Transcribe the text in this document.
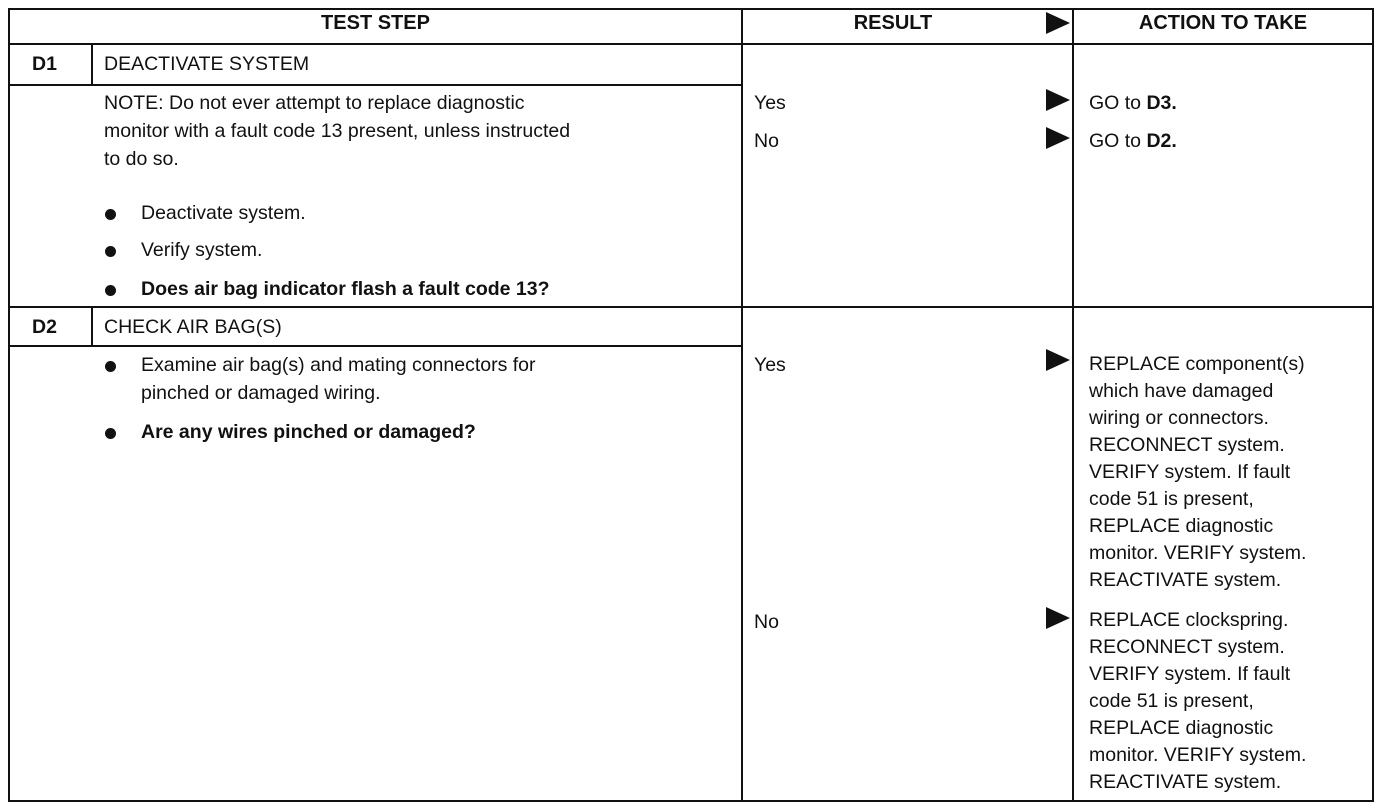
TEST STEP	RESULT	ACTION TO TAKE
D1 DEACTIVATE SYSTEM
NOTE: Do not ever attempt to replace diagnostic
monitor with a fault code 13 present, unless instructed
to do so.
Deactivate system.
Verify system.
Does air bag indicator flash a fault code 13?
Yes
No
GO to D3.
GO to D2.
D2 CHECK AIR BAG(S)
Examine air bag(s) and mating connectors for
pinched or damaged wiring.
Are any wires pinched or damaged?
Yes
No
REPLACE component(s)
which have damaged
wiring or connectors.
RECONNECT system.
VERIFY system. If fault
code 51 is present,
REPLACE diagnostic
monitor. VERIFY system.
REACTIVATE system.
REPLACE clockspring.
RECONNECT system.
VERIFY system. If fault
code 51 is present,
REPLACE diagnostic
monitor. VERIFY system.
REACTIVATE system.
